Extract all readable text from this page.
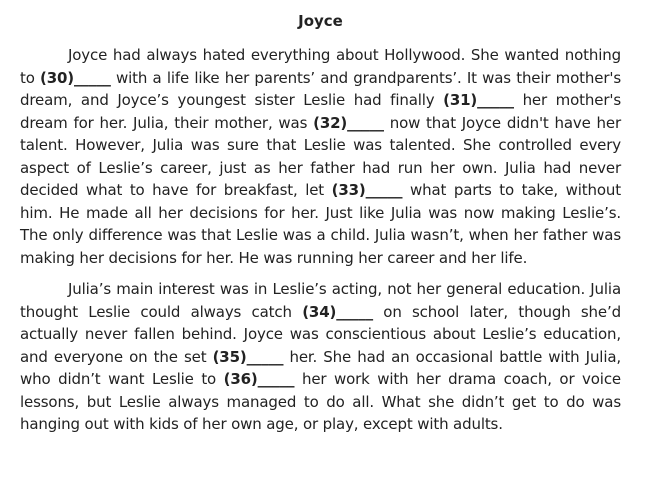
Joyce

Joyce had always hated everything about Hollywood. She wanted nothing to (30)_____ with a life like her parents’ and grandparents’. It was their mother's dream, and Joyce’s youngest sister Leslie had finally (31)_____ her mother's dream for her. Julia, their mother, was (32)_____ now that Joyce didn't have her talent. However, Julia was sure that Leslie was talented. She controlled every aspect of Leslie’s career, just as her father had run her own. Julia had never decided what to have for breakfast, let (33)_____ what parts to take, without him. He made all her decisions for her. Just like Julia was now making Leslie’s. The only difference was that Leslie was a child. Julia wasn’t, when her father was making her decisions for her. He was running her career and her life.

Julia’s main interest was in Leslie’s acting, not her general education. Julia thought Leslie could always catch (34)_____ on school later, though she’d actually never fallen behind. Joyce was conscientious about Leslie’s education, and everyone on the set (35)_____ her. She had an occasional battle with Julia, who didn’t want Leslie to (36)_____ her work with her drama coach, or voice lessons, but Leslie always managed to do all. What she didn’t get to do was hanging out with kids of her own age, or play, except with adults.
